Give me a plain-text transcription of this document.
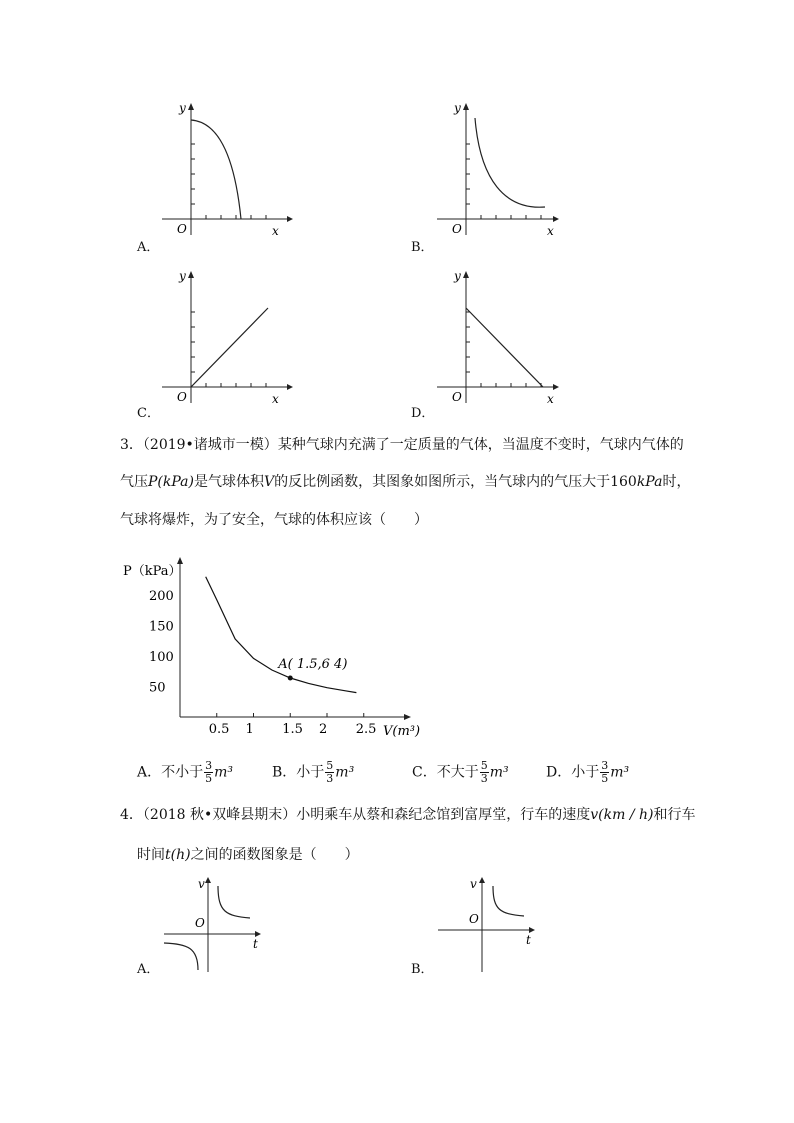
y
x
O
A．
y
x
O
B．
y
x
O
C．
y
x
O
D．
3．（2019•诸城市一模）某种气球内充满了一定质量的气体，当温度不变时，气球内气体的
气压P(kPa)是气球体积V的反比例函数，其图象如图所示，当气球内的气压大于160kPa时，
气球将爆炸，为了安全，气球的体积应该（　　）
P（kPa）
V(m³)
0.5 1 1.5 2 2.5
200
150
100
50
A( 1.5,6 4)
A．不小于 $\frac{3}{5} m^3$	B．小于 $\frac{5}{3} m^3$	C．不大于 $\frac{5}{3} m^3$	D．小于 $\frac{3}{5} m^3$
4．（2018 秋•双峰县期末）小明乘车从蔡和森纪念馆到富厚堂，行车的速度v(km / h)和行车
时间t(h)之间的函数图象是（　　）
v
t
O
A．
v
t
O
B．
